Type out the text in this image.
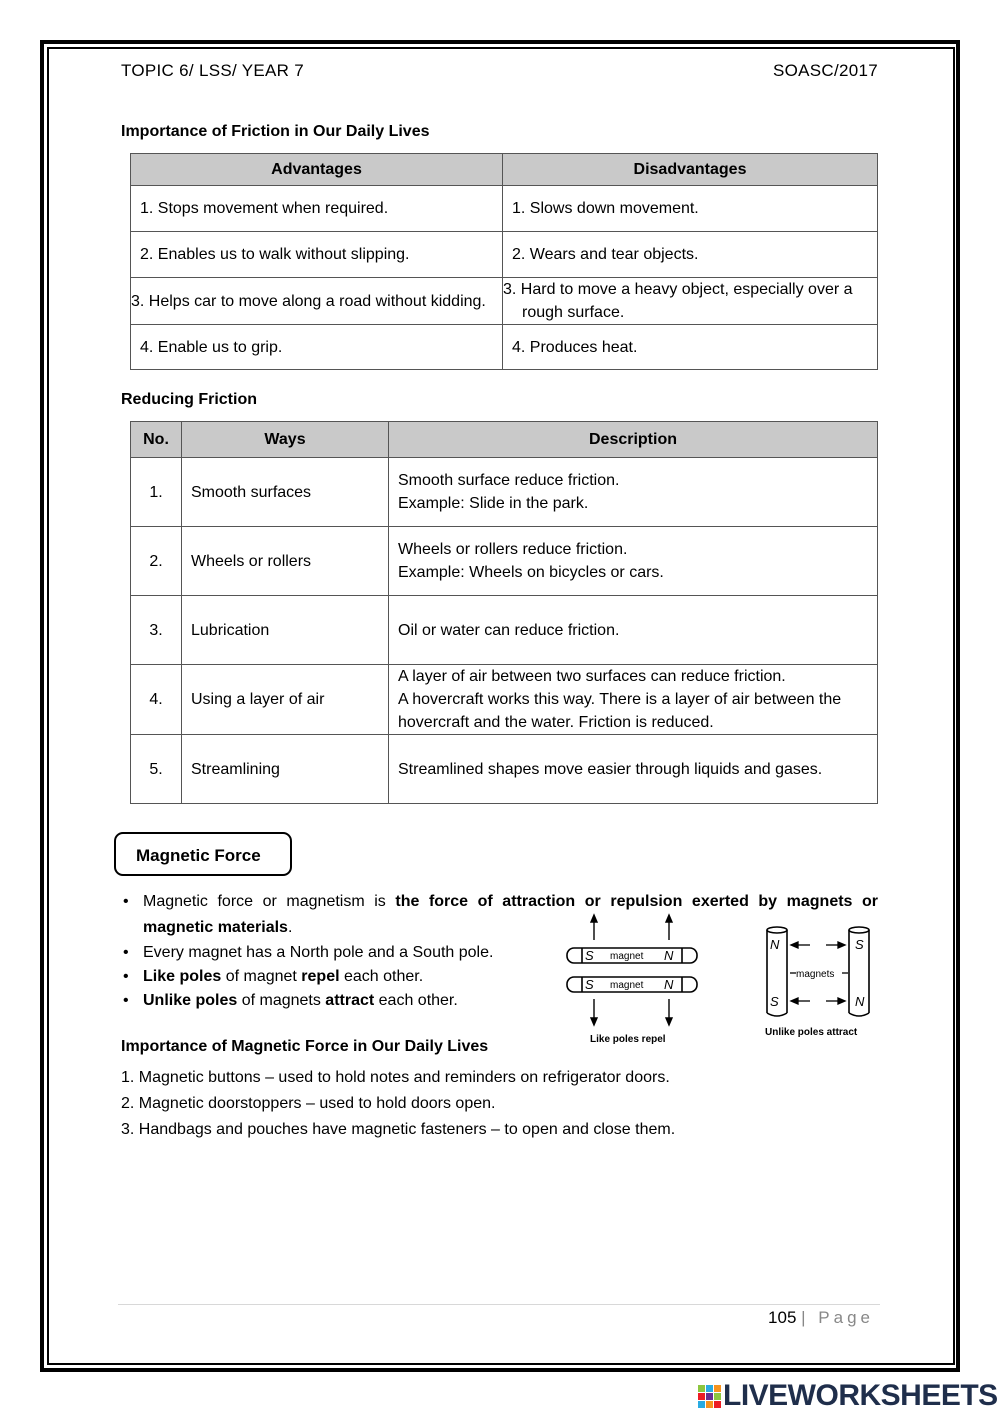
TOPIC 6/ LSS/ YEAR 7	SOASC/2017
Importance of Friction in Our Daily Lives
Advantages	Disadvantages
1. Stops movement when required.	1. Slows down movement.
2. Enables us to walk without slipping.	2. Wears and tear objects.
3. Helps car to move along a road without kidding.	3. Hard to move a heavy object, especially over a rough surface.
4. Enable us to grip.	4. Produces heat.
Reducing Friction
No.	Ways	Description
1.	Smooth surfaces	Smooth surface reduce friction.
Example: Slide in the park.

2.	Wheels or rollers	Wheels or rollers reduce friction.
Example: Wheels on bicycles or cars.

3.	Lubrication	Oil or water can reduce friction.

4.	Using a layer of air	A layer of air between two surfaces can reduce friction.
A hovercraft works this way. There is a layer of air between the hovercraft and the water. Friction is reduced.

5.	Streamlining	Streamlined shapes move easier through liquids and gases.
Magnetic Force
• Magnetic force or magnetism is the force of attraction or repulsion exerted by magnets or magnetic materials.
• Every magnet has a North pole and a South pole.
• Like poles of magnet repel each other.
• Unlike poles of magnets attract each other.
Importance of Magnetic Force in Our Daily Lives
1. Magnetic buttons – used to hold notes and reminders on refrigerator doors.
2. Magnetic doorstoppers – used to hold doors open.
3. Handbags and pouches have magnetic fasteners – to open and close them.
S	N
magnet
S	N
magnet
Like poles repel
N	S
S	N
magnets
Unlike poles attract
105 | Page
LIVEWORKSHEETS
